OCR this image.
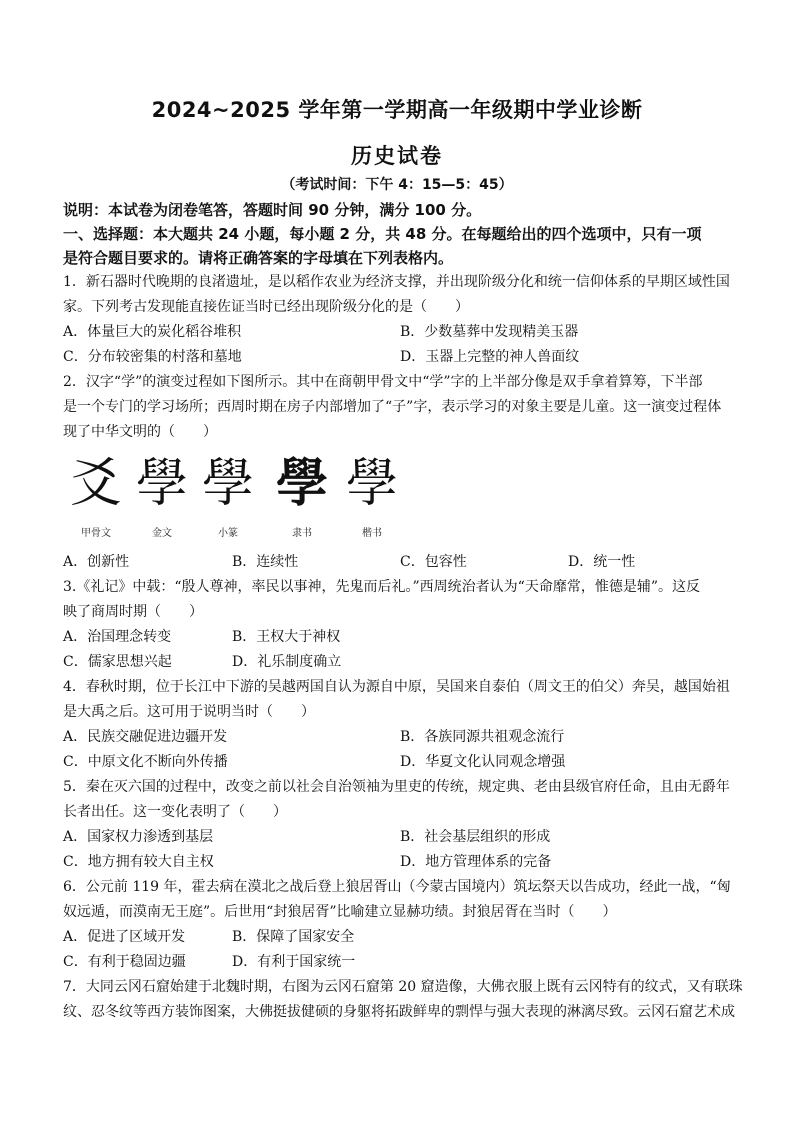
2024~2025 学年第一学期高一年级期中学业诊断
历史试卷
（考试时间：下午 4：15—5：45）
说明：本试卷为闭卷笔答，答题时间 90 分钟，满分 100 分。
一、选择题：本大题共 24 小题，每小题 2 分，共 48 分。在每题给出的四个选项中，只有一项
是符合题目要求的。请将正确答案的字母填在下列表格内。
1．新石器时代晚期的良渚遗址，是以稻作农业为经济支撑，并出现阶级分化和统一信仰体系的早期区域性国
家。下列考古发现能直接佐证当时已经出现阶级分化的是（　　）
A．体量巨大的炭化稻谷堆积	B．少数墓葬中发现精美玉器
C．分布较密集的村落和墓地	D．玉器上完整的神人兽面纹
2．汉字“学”的演变过程如下图所示。其中在商朝甲骨文中“学”字的上半部分像是双手拿着算筹，下半部
是一个专门的学习场所；西周时期在房子内部增加了“子”字，表示学习的对象主要是儿童。这一演变过程体
现了中华文明的（　　）
爻 學 學 學 學
甲骨文	金文	小篆	隶书	楷书
A．创新性	B．连续性	C．包容性	D．统一性
3.《礼记》中载：“殷人尊神，率民以事神，先鬼而后礼。”西周统治者认为“天命靡常，惟德是辅”。这反
映了商周时期（　　）
A．治国理念转变	B．王权大于神权
C．儒家思想兴起	D．礼乐制度确立
4．春秋时期，位于长江中下游的吴越两国自认为源自中原，吴国来自泰伯（周文王的伯父）奔吴，越国始祖
是大禹之后。这可用于说明当时（　　）
A．民族交融促进边疆开发	B．各族同源共祖观念流行
C．中原文化不断向外传播	D．华夏文化认同观念增强
5．秦在灭六国的过程中，改变之前以社会自治领袖为里吏的传统，规定典、老由县级官府任命，且由无爵年
长者出任。这一变化表明了（　　）
A．国家权力渗透到基层	B．社会基层组织的形成
C．地方拥有较大自主权	D．地方管理体系的完备
6．公元前 119 年，霍去病在漠北之战后登上狼居胥山（今蒙古国境内）筑坛祭天以告成功，经此一战，“匈
奴远遁，而漠南无王庭”。后世用“封狼居胥”比喻建立显赫功绩。封狼居胥在当时（　　）
A．促进了区域开发	B．保障了国家安全
C．有利于稳固边疆	D．有利于国家统一
7．大同云冈石窟始建于北魏时期，右图为云冈石窟第 20 窟造像，大佛衣服上既有云冈特有的纹式，又有联珠
纹、忍冬纹等西方装饰图案，大佛挺拔健硕的身躯将拓跋鲜卑的剽悍与强大表现的淋漓尽致。云冈石窟艺术成
